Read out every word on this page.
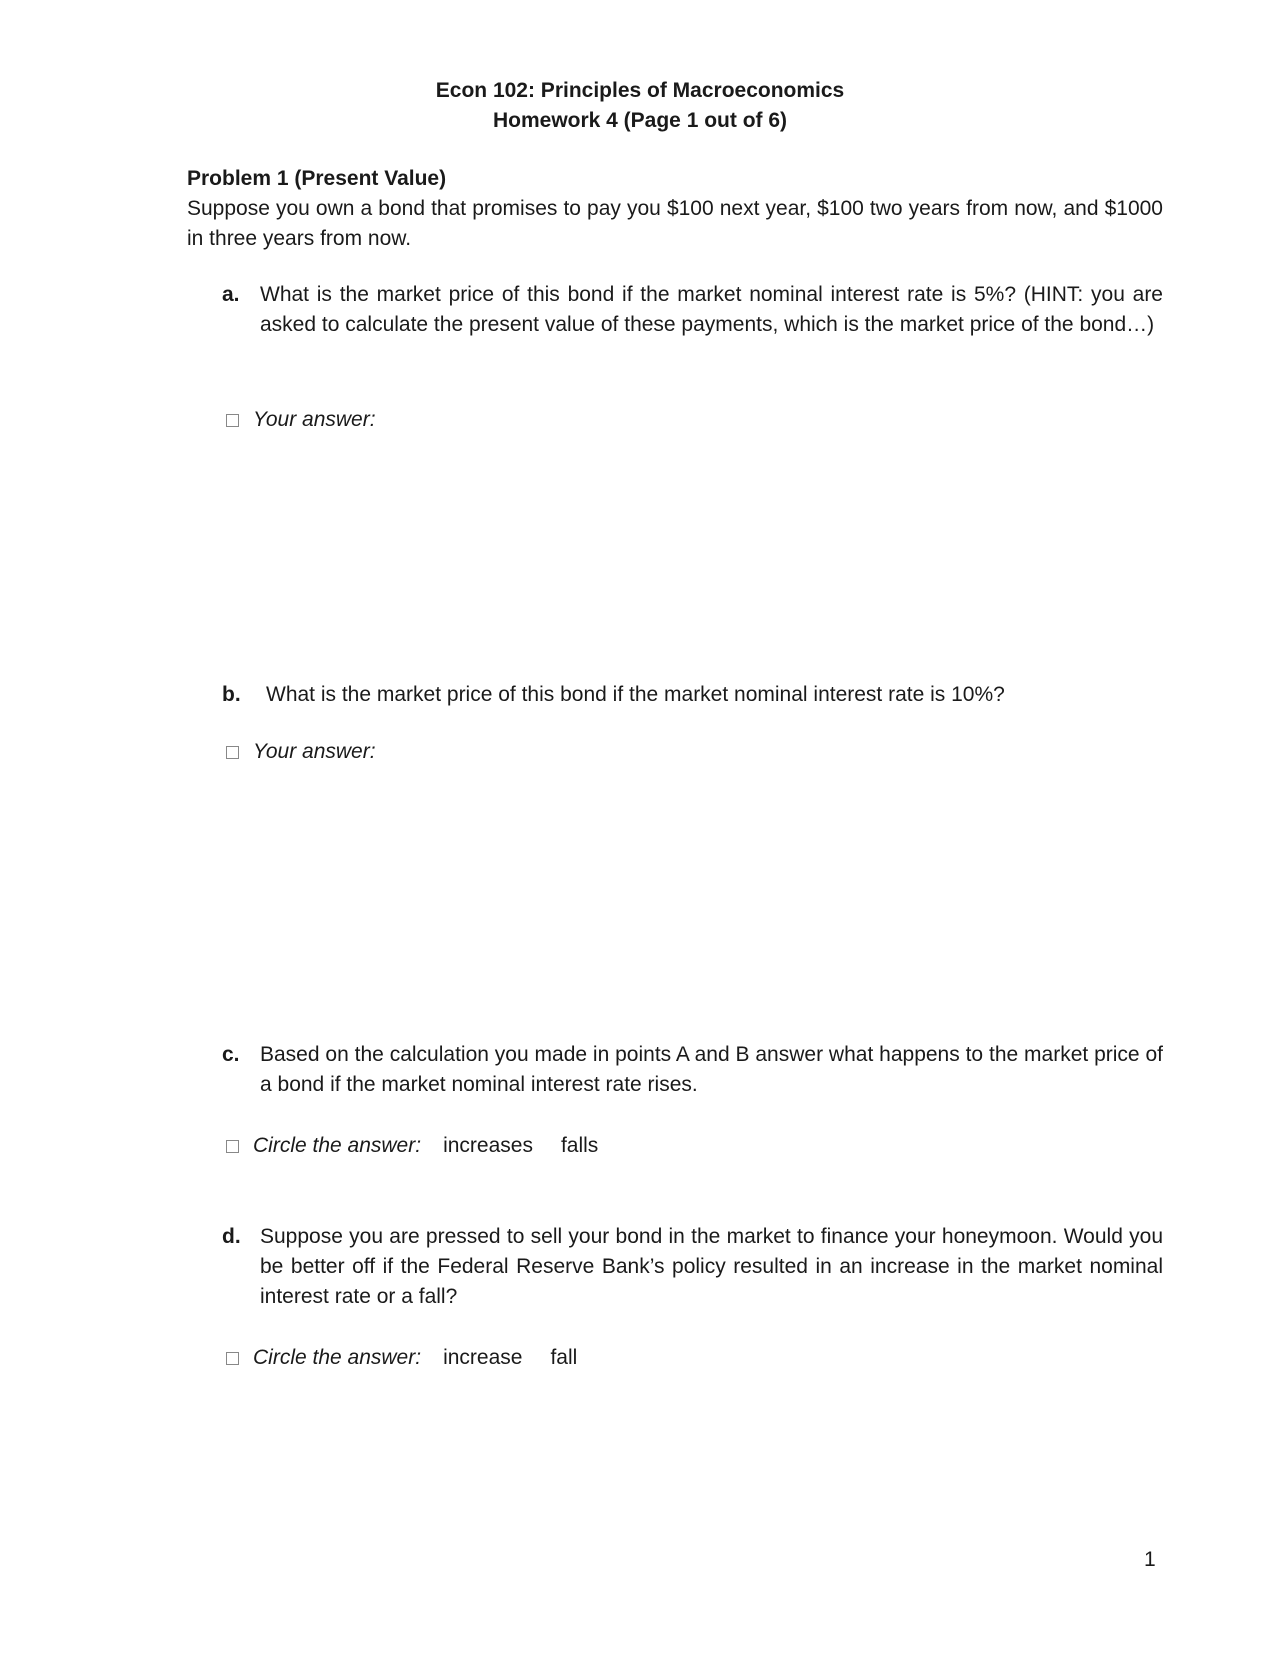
Econ 102: Principles of Macroeconomics
Homework 4 (Page 1 out of 6)
Problem 1 (Present Value)
Suppose you own a bond that promises to pay you $100 next year, $100 two years from now, and $1000 in three years from now.
a. What is the market price of this bond if the market nominal interest rate is 5%? (HINT: you are asked to calculate the present value of these payments, which is the market price of the bond…)
Your answer:
b. What is the market price of this bond if the market nominal interest rate is 10%?
Your answer:
c. Based on the calculation you made in points A and B answer what happens to the market price of a bond if the market nominal interest rate rises.
Circle the answer: increases falls
d. Suppose you are pressed to sell your bond in the market to finance your honeymoon. Would you be better off if the Federal Reserve Bank’s policy resulted in an increase in the market nominal interest rate or a fall?
Circle the answer: increase fall
1
